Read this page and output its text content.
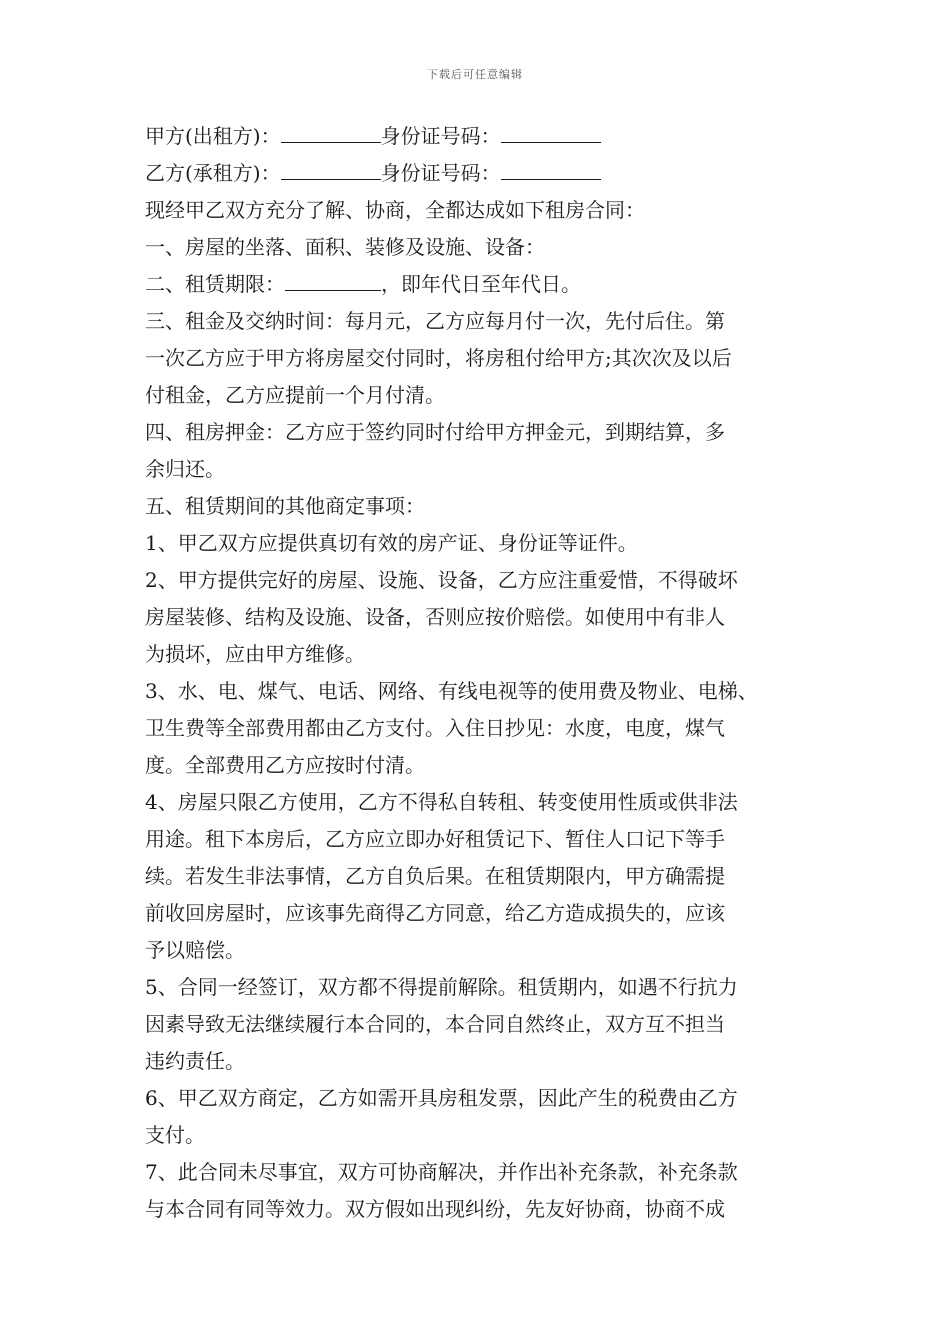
下载后可任意编辑
甲方(出租方)：	身份证号码：
乙方(承租方)：	身份证号码：
现经甲乙双方充分了解、协商，全都达成如下租房合同：
一、房屋的坐落、面积、装修及设施、设备：
二、租赁期限：	，即年代日至年代日。
三、租金及交纳时间：每月元，乙方应每月付一次，先付后住。第
一次乙方应于甲方将房屋交付同时，将房租付给甲方;其次次及以后
付租金，乙方应提前一个月付清。
四、租房押金：乙方应于签约同时付给甲方押金元，到期结算，多
余归还。
五、租赁期间的其他商定事项：
1、甲乙双方应提供真切有效的房产证、身份证等证件。
2、甲方提供完好的房屋、设施、设备，乙方应注重爱惜，不得破坏
房屋装修、结构及设施、设备，否则应按价赔偿。如使用中有非人
为损坏，应由甲方维修。
3、水、电、煤气、电话、网络、有线电视等的使用费及物业、电梯、
卫生费等全部费用都由乙方支付。入住日抄见：水度，电度，煤气
度。全部费用乙方应按时付清。
4、房屋只限乙方使用，乙方不得私自转租、转变使用性质或供非法
用途。租下本房后，乙方应立即办好租赁记下、暂住人口记下等手
续。若发生非法事情，乙方自负后果。在租赁期限内，甲方确需提
前收回房屋时，应该事先商得乙方同意，给乙方造成损失的，应该
予以赔偿。
5、合同一经签订，双方都不得提前解除。租赁期内，如遇不行抗力
因素导致无法继续履行本合同的，本合同自然终止，双方互不担当
违约责任。
6、甲乙双方商定，乙方如需开具房租发票，因此产生的税费由乙方
支付。
7、此合同未尽事宜，双方可协商解决，并作出补充条款，补充条款
与本合同有同等效力。双方假如出现纠纷，先友好协商，协商不成
